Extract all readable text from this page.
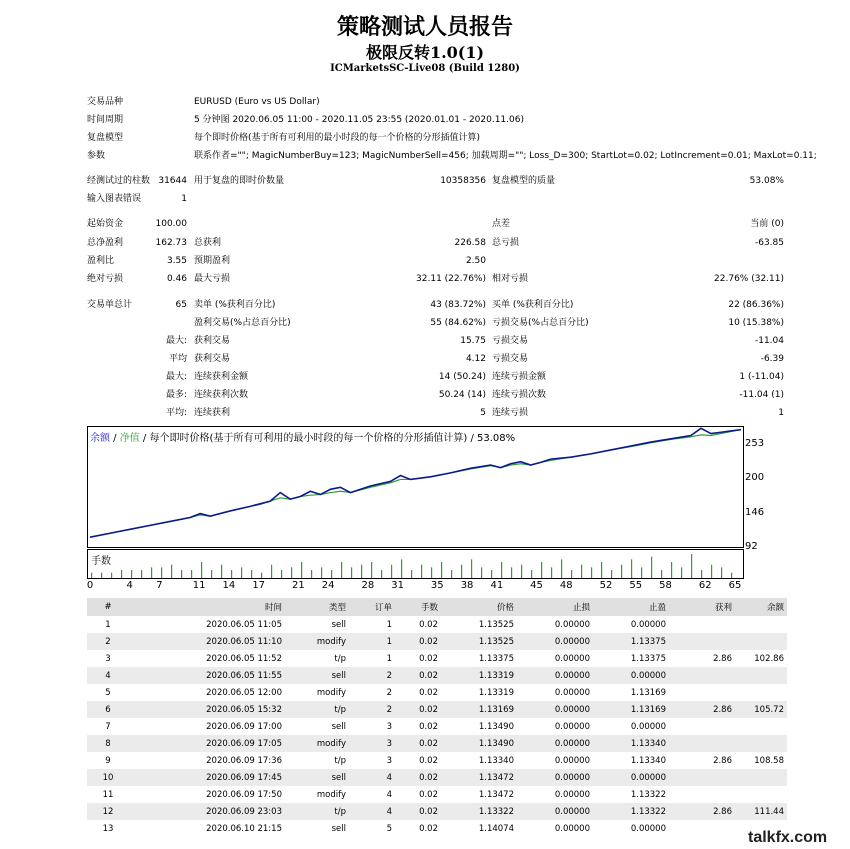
策略测试人员报告
极限反转1.0(1)
ICMarketsSC-Live08 (Build 1280)
交易品种	EURUSD (Euro vs US Dollar)
时间周期	5 分钟图 2020.06.05 11:00 - 2020.11.05 23:55 (2020.01.01 - 2020.11.06)
复盘模型	每个即时价格(基于所有可利用的最小时段的每一个价格的分形插值计算)
参数	联系作者=""; MagicNumberBuy=123; MagicNumberSell=456; 加载周期=""; Loss_D=300; StartLot=0.02; LotIncrement=0.01; MaxLot=0.11;
经测试过的柱数 31644 用于复盘的即时价数量	10358356 复盘模型的质量	53.08%
输入图表错误	1
起始资金	100.00	点差	当前 (0)
总净盈利	162.73 总获利	226.58 总亏损	-63.85
盈利比	3.55 预期盈利	2.50
绝对亏损	0.46 最大亏损	32.11 (22.76%) 相对亏损	22.76% (32.11)
交易单总计	65 卖单 (%获利百分比)	43 (83.72%) 买单 (%获利百分比)	22 (86.36%)
盈利交易(%占总百分比)	55 (84.62%) 亏损交易(%占总百分比)	10 (15.38%)
最大: 获利交易	15.75 亏损交易	-11.04
平均 获利交易	4.12 亏损交易	-6.39
最大: 连续获利金额	14 (50.24) 连续亏损金额	1 (-11.04)
最多: 连续获利次数	50.24 (14) 连续亏损次数	-11.04 (1)
平均: 连续获利	5 连续亏损	1
余额 / 净值 / 每个即时价格(基于所有可利用的最小时段的每一个价格的分形插值计算) / 53.08%	253
200
146
92
手数
0	4	7	11	14	17	21	24	28	31	35	38	41	45	48	52	55	58	62	65
#	时间	类型	订单	手数	价格	止损	止盈	获利	余额
1	2020.06.05 11:05	sell	1	0.02	1.13525	0.00000	0.00000		
2	2020.06.05 11:10	modify	1	0.02	1.13525	0.00000	1.13375		
3	2020.06.05 11:52	t/p	1	0.02	1.13375	0.00000	1.13375	2.86	102.86
4	2020.06.05 11:55	sell	2	0.02	1.13319	0.00000	0.00000		
5	2020.06.05 12:00	modify	2	0.02	1.13319	0.00000	1.13169		
6	2020.06.05 15:32	t/p	2	0.02	1.13169	0.00000	1.13169	2.86	105.72
7	2020.06.09 17:00	sell	3	0.02	1.13490	0.00000	0.00000		
8	2020.06.09 17:05	modify	3	0.02	1.13490	0.00000	1.13340		
9	2020.06.09 17:36	t/p	3	0.02	1.13340	0.00000	1.13340	2.86	108.58
10	2020.06.09 17:45	sell	4	0.02	1.13472	0.00000	0.00000		
11	2020.06.09 17:50	modify	4	0.02	1.13472	0.00000	1.13322		
12	2020.06.09 23:03	t/p	4	0.02	1.13322	0.00000	1.13322	2.86	111.44
13	2020.06.10 21:15	sell	5	0.02	1.14074	0.00000	0.00000		
talkfx.com
